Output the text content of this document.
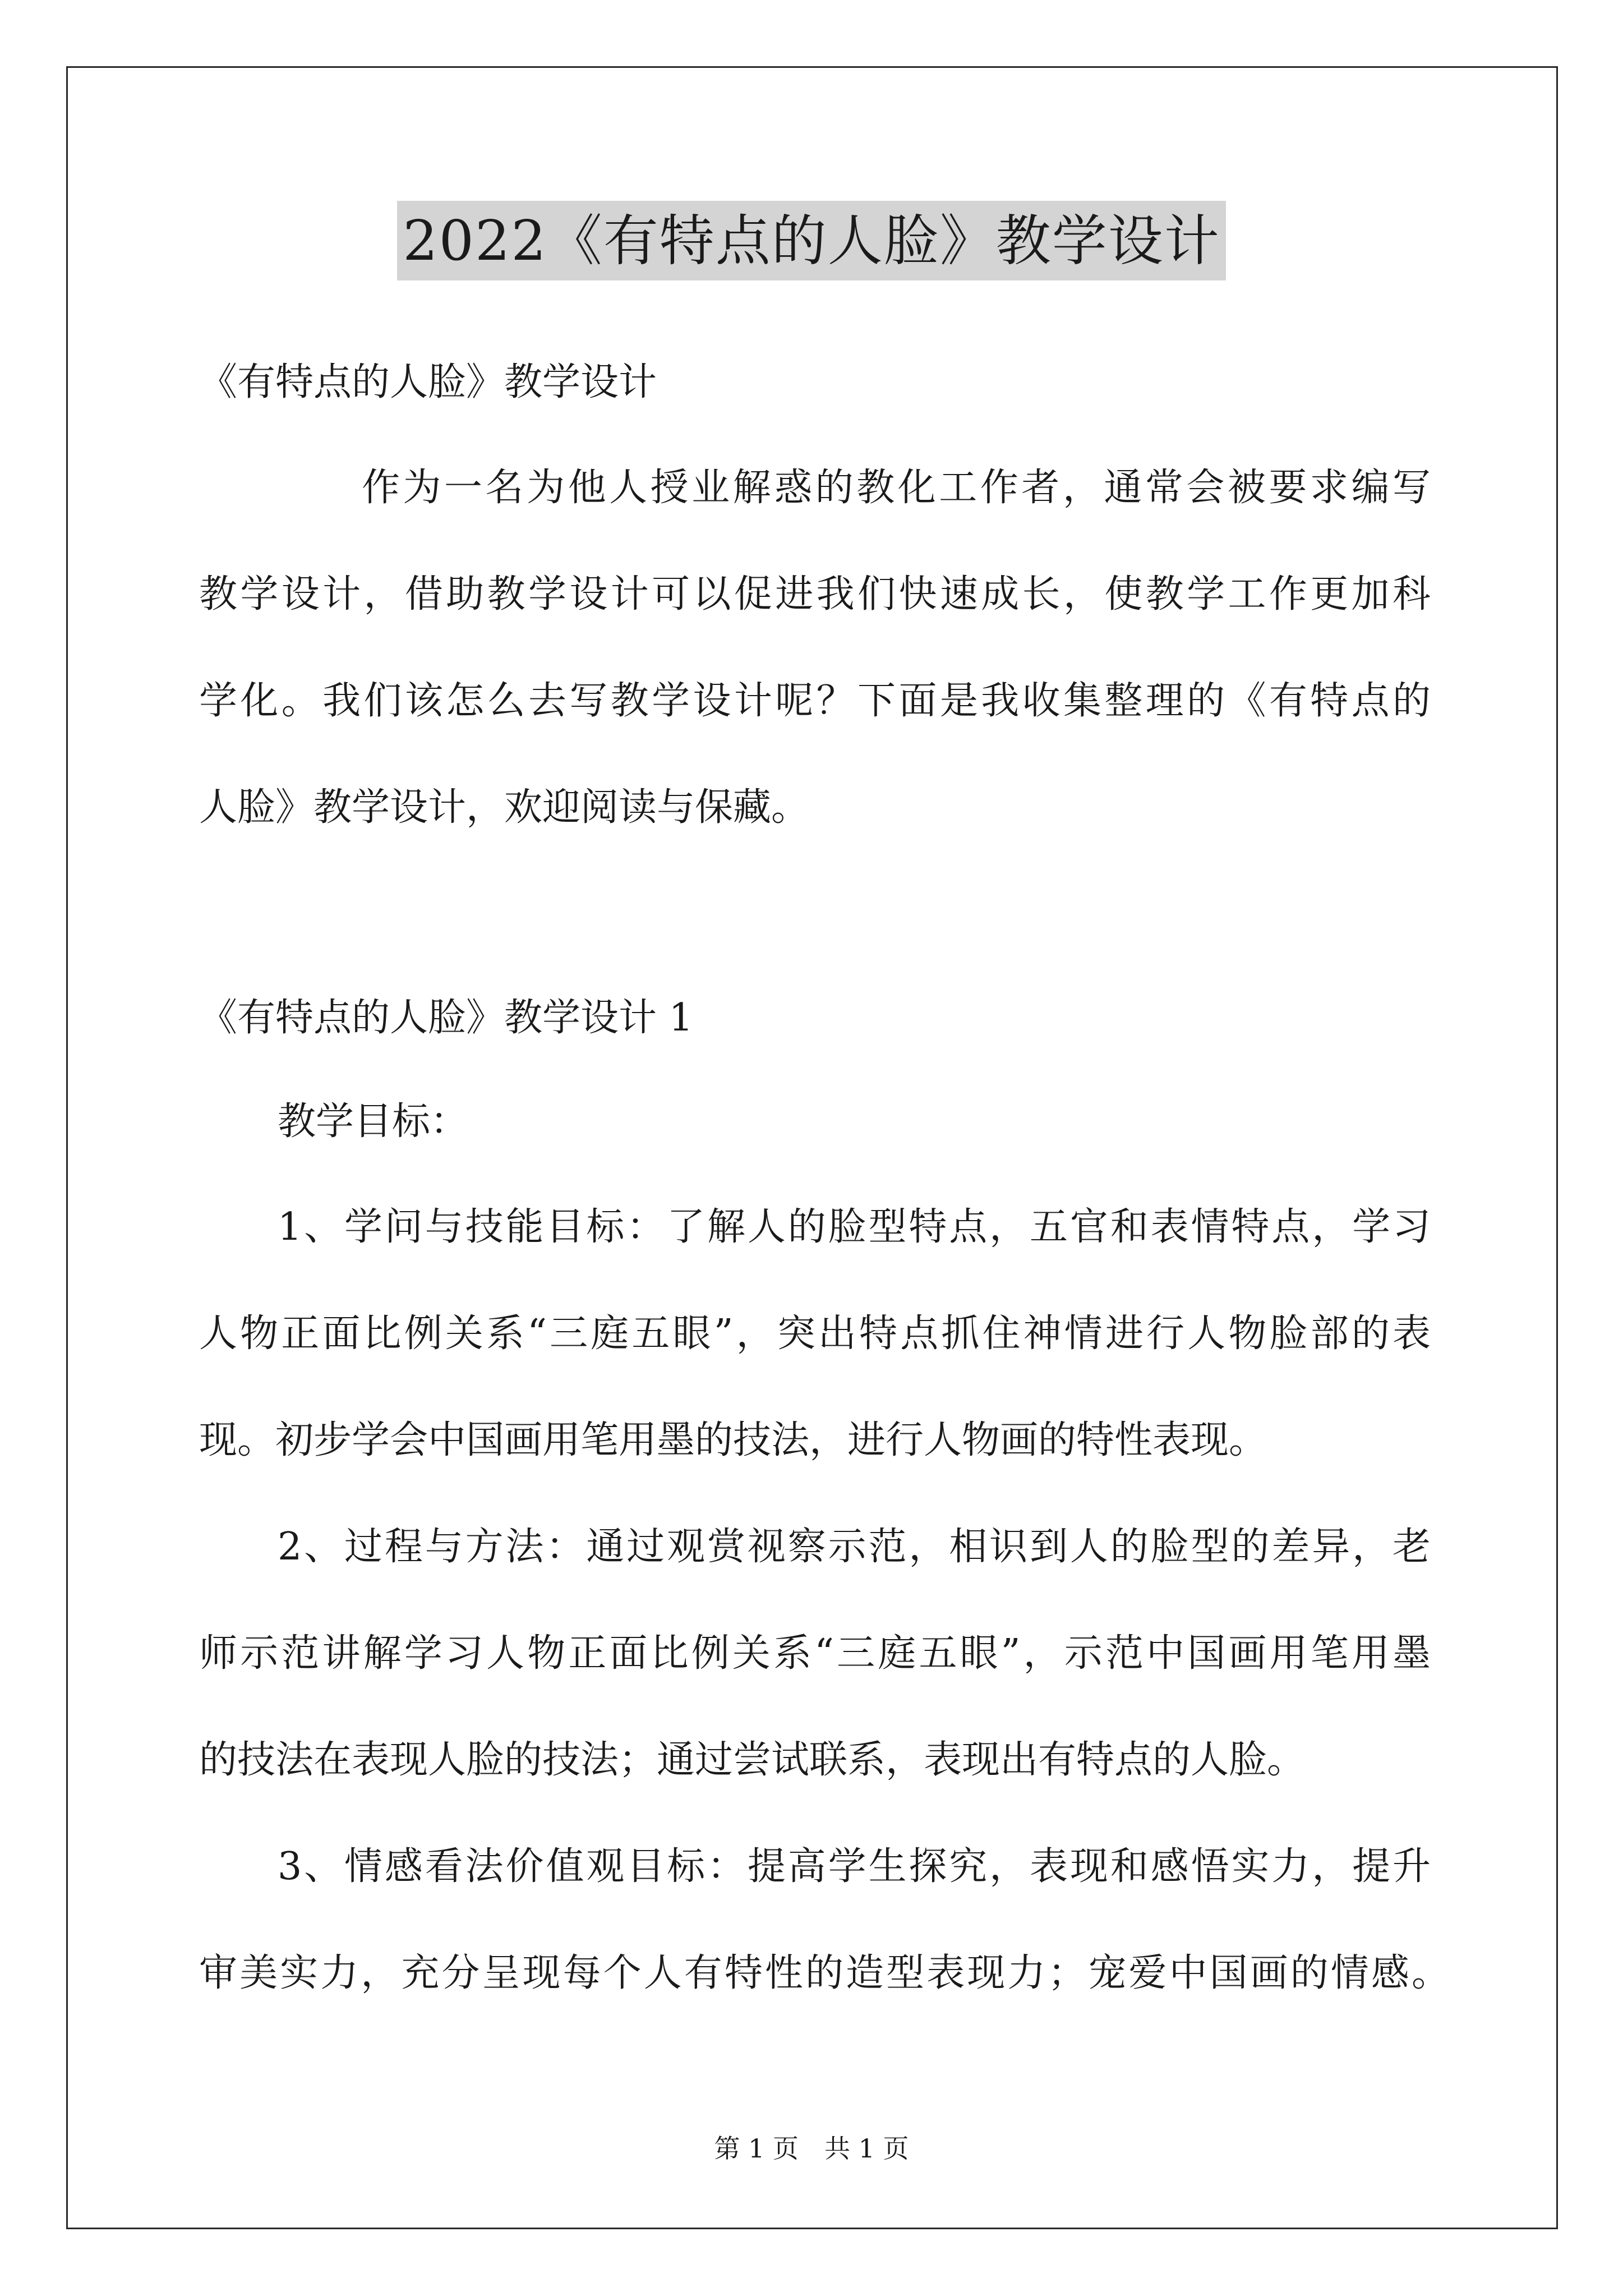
2022《有特点的人脸》教学设计
《有特点的人脸》教学设计
作为一名为他人授业解惑的教化工作者，通常会被要求编写
教学设计，借助教学设计可以促进我们快速成长，使教学工作更加科
学化。我们该怎么去写教学设计呢？下面是我收集整理的《有特点的
人脸》教学设计，欢迎阅读与保藏。
《有特点的人脸》教学设计 1
教学目标：
1、学问与技能目标：了解人的脸型特点，五官和表情特点，学习
人物正面比例关系“三庭五眼”，突出特点抓住神情进行人物脸部的表
现。初步学会中国画用笔用墨的技法，进行人物画的特性表现。
2、过程与方法：通过观赏视察示范，相识到人的脸型的差异，老
师示范讲解学习人物正面比例关系“三庭五眼”，示范中国画用笔用墨
的技法在表现人脸的技法；通过尝试联系，表现出有特点的人脸。
3、情感看法价值观目标：提高学生探究，表现和感悟实力，提升
审美实力，充分呈现每个人有特性的造型表现力；宠爱中国画的情感。
第 1 页　共 1 页
